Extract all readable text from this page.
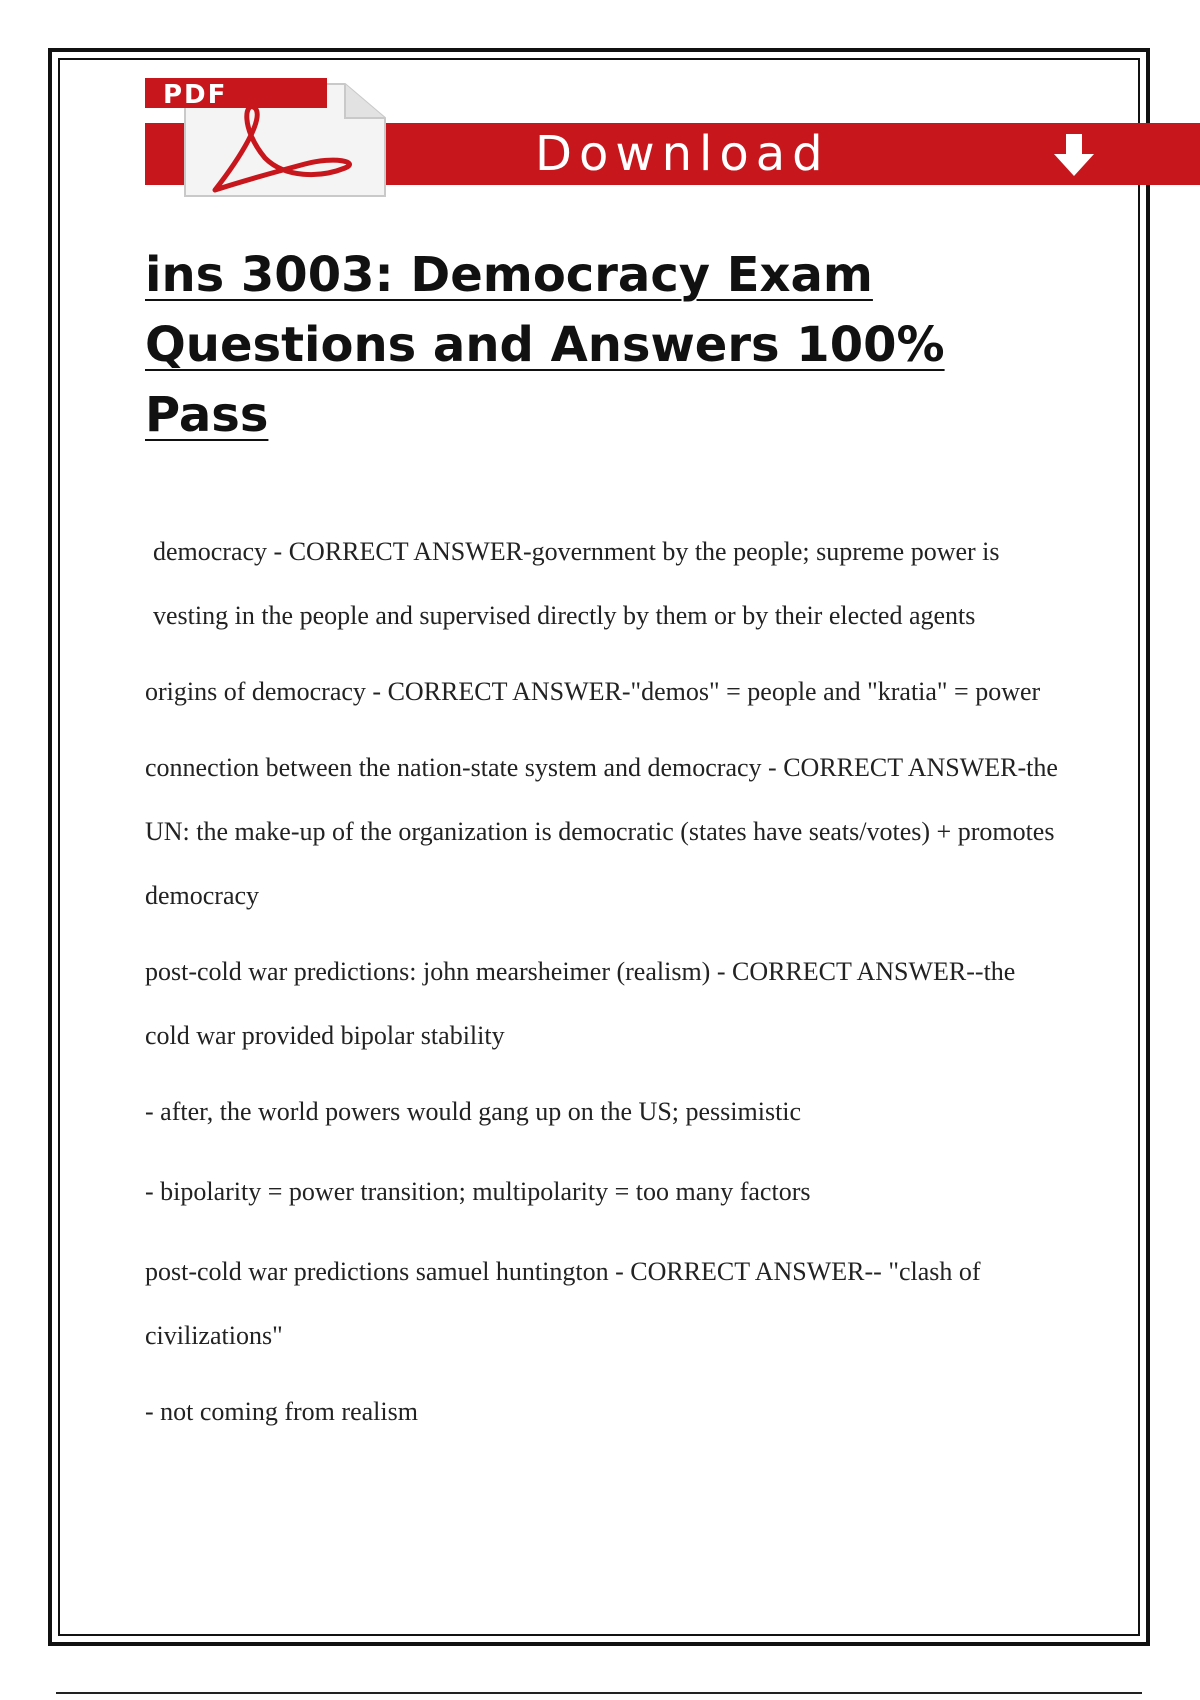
Download
PDF
ins 3003: Democracy Exam Questions and Answers 100% Pass

democracy - CORRECT ANSWER-government by the people; supreme power is vesting in the people and supervised directly by them or by their elected agents

origins of democracy - CORRECT ANSWER-"demos" = people and "kratia" = power

connection between the nation-state system and democracy - CORRECT ANSWER-the UN: the make-up of the organization is democratic (states have seats/votes) + promotes democracy

post-cold war predictions: john mearsheimer (realism) - CORRECT ANSWER--the cold war provided bipolar stability

- after, the world powers would gang up on the US; pessimistic

- bipolarity = power transition; multipolarity = too many factors

post-cold war predictions samuel huntington - CORRECT ANSWER-- "clash of civilizations"

- not coming from realism
